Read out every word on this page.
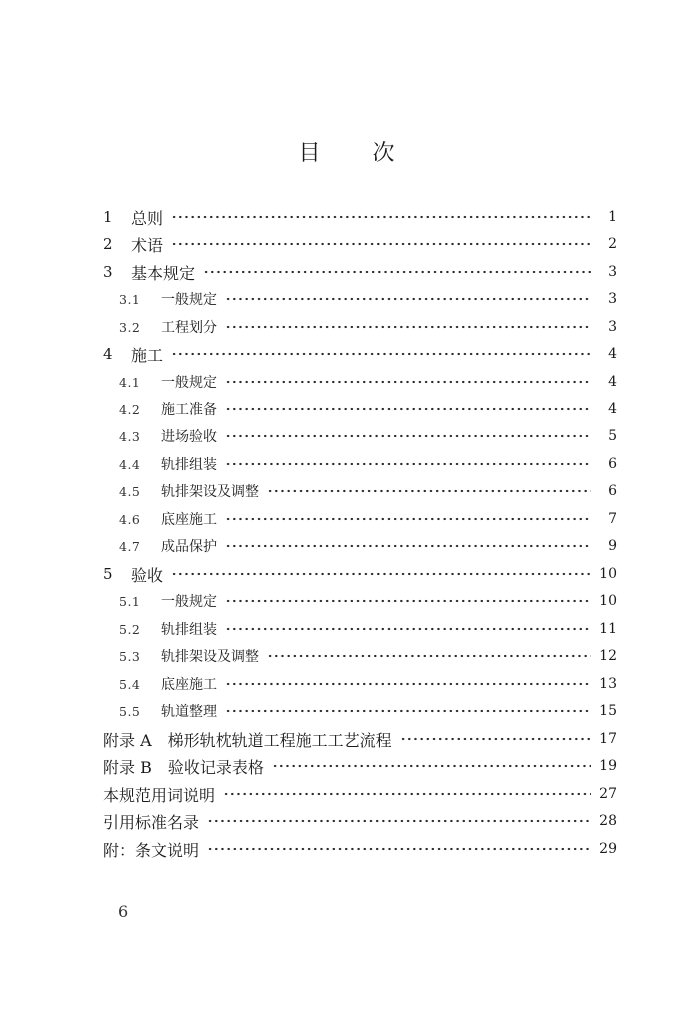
目 次
1	总则	1
2	术语	2
3	基本规定	3
3.1	一般规定	3
3.2	工程划分	3
4	施工	4
4.1	一般规定	4
4.2	施工准备	4
4.3	进场验收	5
4.4	轨排组装	6
4.5	轨排架设及调整	6
4.6	底座施工	7
4.7	成品保护	9
5	验收	10
5.1	一般规定	10
5.2	轨排组装	11
5.3	轨排架设及调整	12
5.4	底座施工	13
5.5	轨道整理	15
附录 A　梯形轨枕轨道工程施工工艺流程	17
附录 B　验收记录表格	19
本规范用词说明	27
引用标准名录	28
附：条文说明	29
6
